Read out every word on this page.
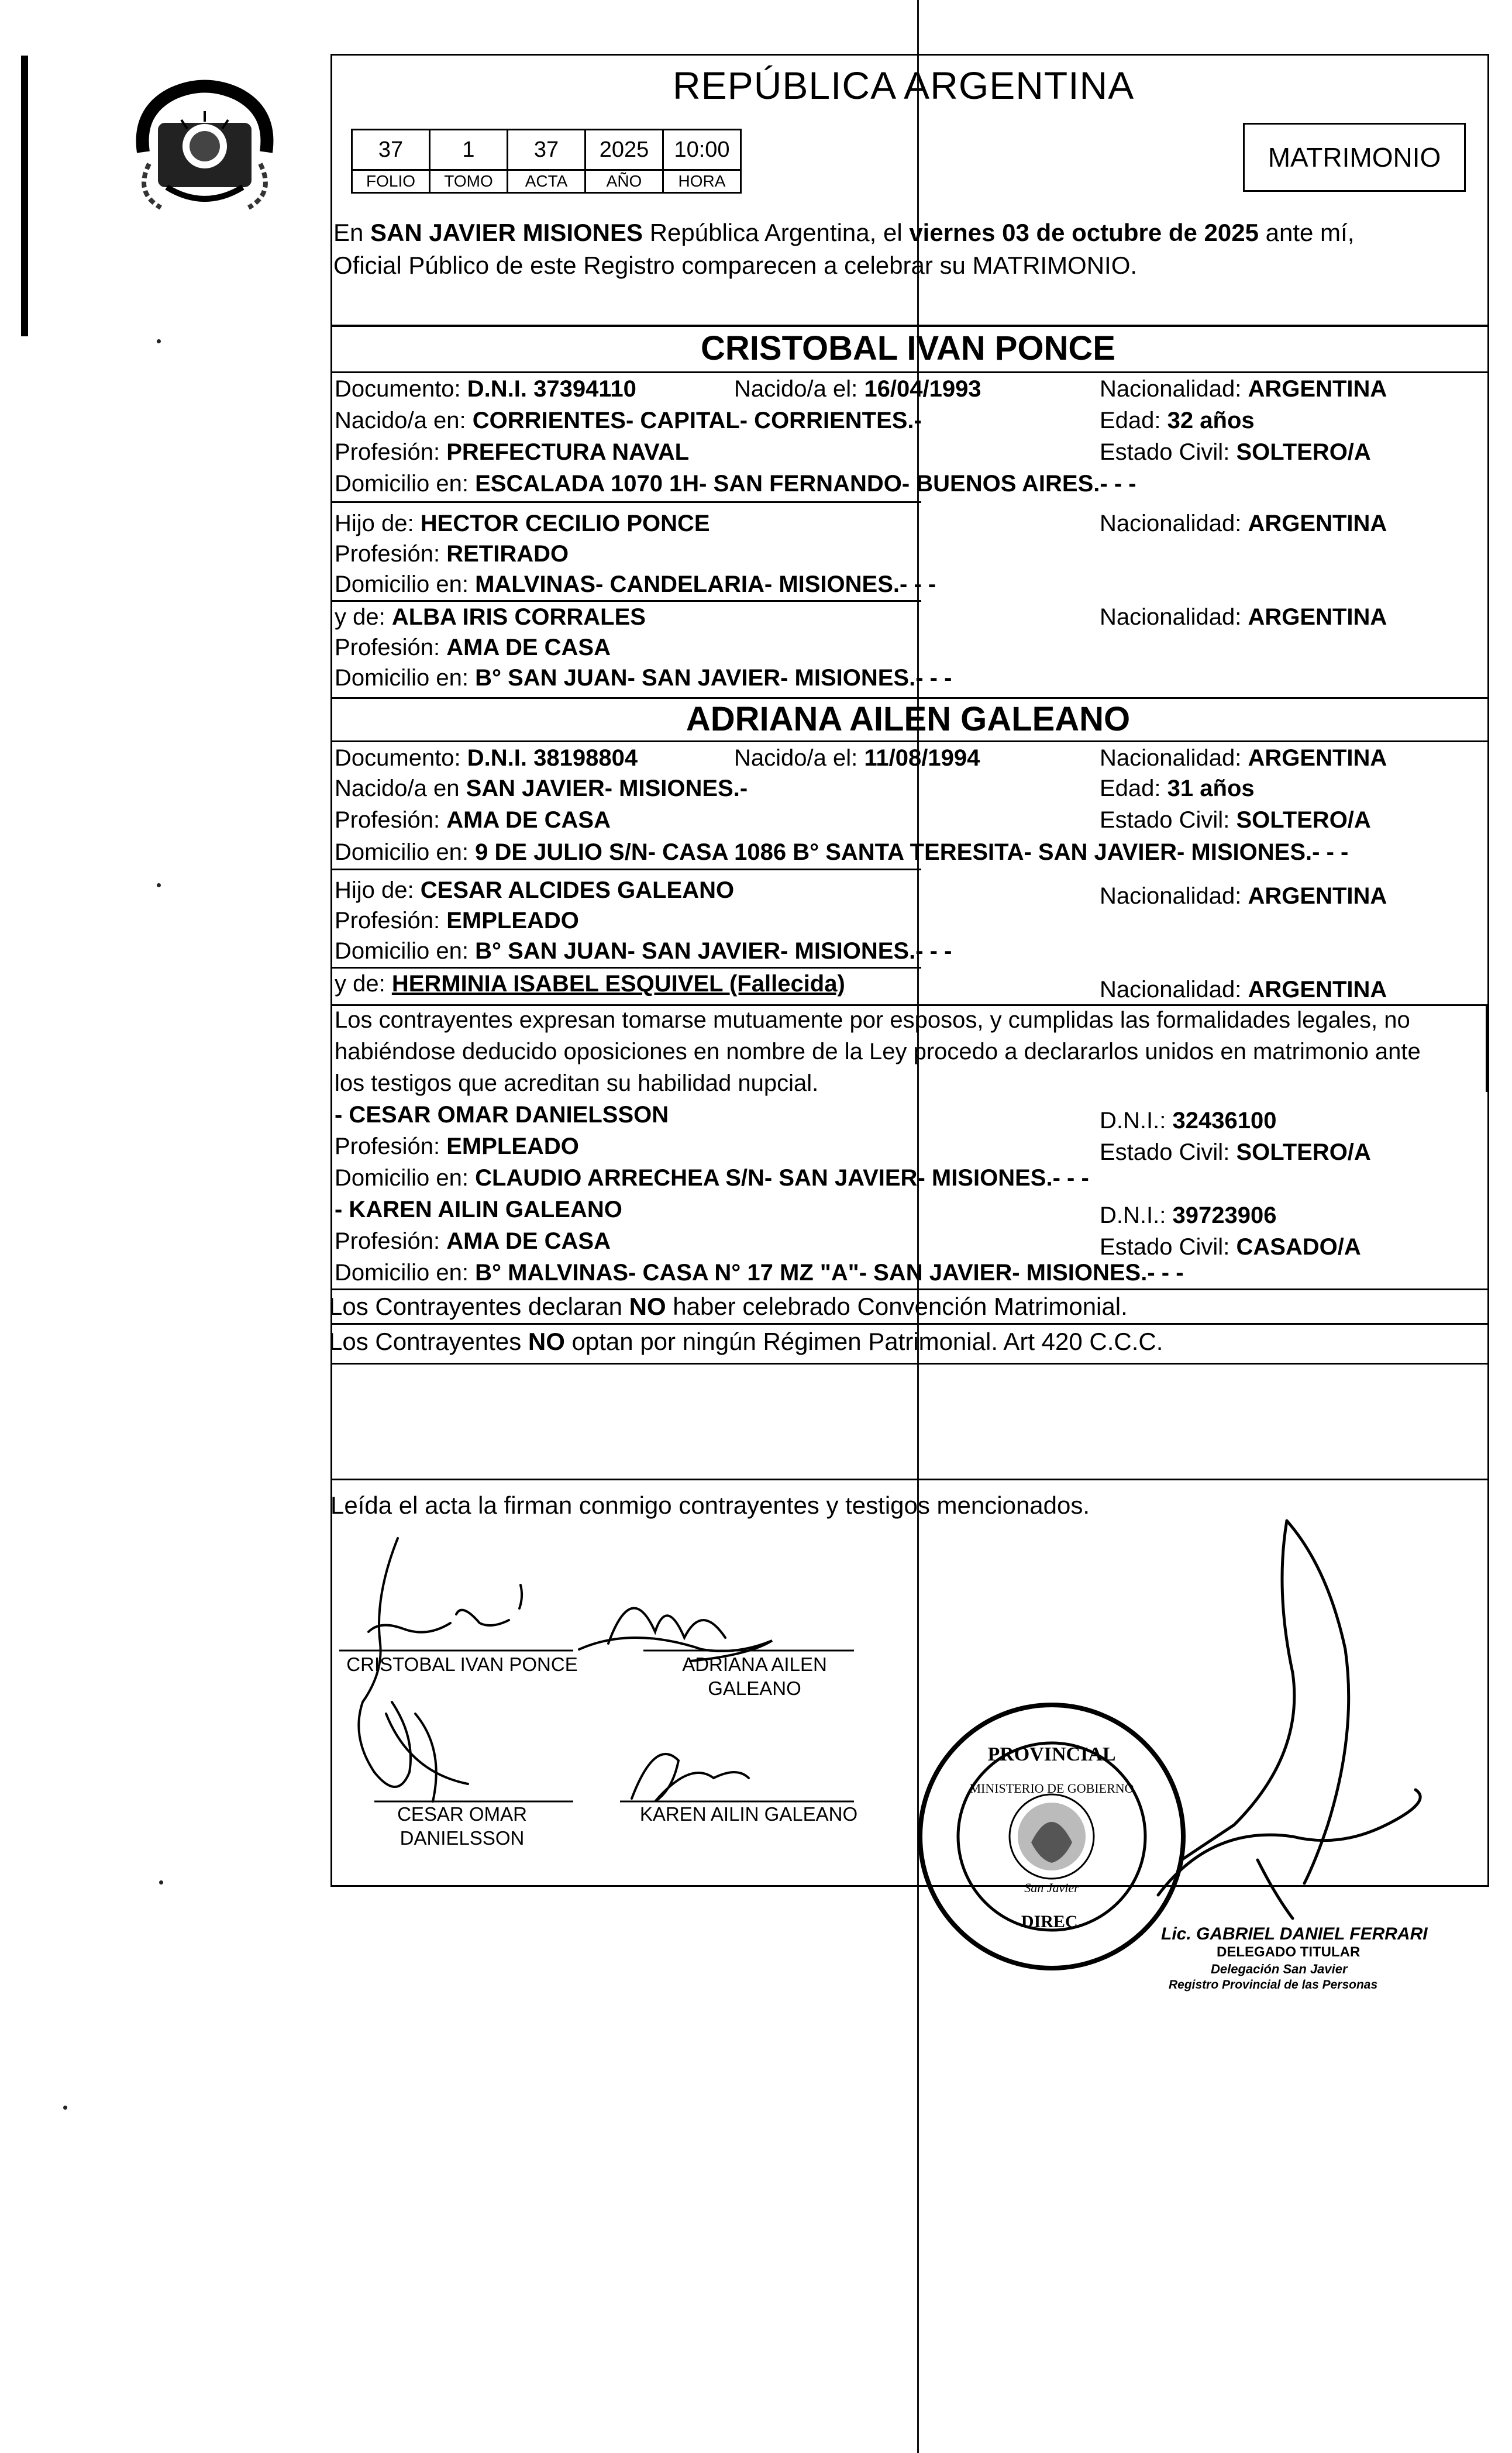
REPÚBLICA ARGENTINA
37	1	37	2025	10:00
FOLIO	TOMO	ACTA	AÑO	HORA
MATRIMONIO
En SAN JAVIER MISIONES República Argentina, el viernes 03 de octubre de 2025 ante mí,
Oficial Público de este Registro comparecen a celebrar su MATRIMONIO.
CRISTOBAL IVAN PONCE
Documento: D.N.I. 37394110	Nacido/a el: 16/04/1993	Nacionalidad: ARGENTINA
Nacido/a en: CORRIENTES- CAPITAL- CORRIENTES.-	Edad: 32 años
Profesión: PREFECTURA NAVAL	Estado Civil: SOLTERO/A
Domicilio en: ESCALADA 1070 1H- SAN FERNANDO- BUENOS AIRES.- - -
Hijo de: HECTOR CECILIO PONCE	Nacionalidad: ARGENTINA
Profesión: RETIRADO
Domicilio en: MALVINAS- CANDELARIA- MISIONES.- - -
y de: ALBA IRIS CORRALES	Nacionalidad: ARGENTINA
Profesión: AMA DE CASA
Domicilio en: B° SAN JUAN- SAN JAVIER- MISIONES.- - -
ADRIANA AILEN GALEANO
Documento: D.N.I. 38198804	Nacido/a el: 11/08/1994	Nacionalidad: ARGENTINA
Nacido/a en SAN JAVIER- MISIONES.-	Edad: 31 años
Profesión: AMA DE CASA	Estado Civil: SOLTERO/A
Domicilio en: 9 DE JULIO S/N- CASA 1086 B° SANTA TERESITA- SAN JAVIER- MISIONES.- - -
Hijo de: CESAR ALCIDES GALEANO	Nacionalidad: ARGENTINA
Profesión: EMPLEADO
Domicilio en: B° SAN JUAN- SAN JAVIER- MISIONES.- - -
y de: HERMINIA ISABEL ESQUIVEL (Fallecida)	Nacionalidad: ARGENTINA
Los contrayentes expresan tomarse mutuamente por esposos, y cumplidas las formalidades legales, no
habiéndose deducido oposiciones en nombre de la Ley procedo a declararlos unidos en matrimonio ante
los testigos que acreditan su habilidad nupcial.
- CESAR OMAR DANIELSSON	D.N.I.: 32436100
Profesión: EMPLEADO	Estado Civil: SOLTERO/A
Domicilio en: CLAUDIO ARRECHEA S/N- SAN JAVIER- MISIONES.- - -
- KAREN AILIN GALEANO	D.N.I.: 39723906
Profesión: AMA DE CASA	Estado Civil: CASADO/A
Domicilio en: B° MALVINAS- CASA N° 17 MZ "A"- SAN JAVIER- MISIONES.- - -
Los Contrayentes declaran NO haber celebrado Convención Matrimonial.
Los Contrayentes NO optan por ningún Régimen Patrimonial. Art 420 C.C.C.
Leída el acta la firman conmigo contrayentes y testigos mencionados.
CRISTOBAL IVAN PONCE	ADRIANA AILEN
GALEANO
CESAR OMAR
DANIELSSON
KAREN AILIN GALEANO
PROVINCIAL
DIREC.
MINISTERIO DE GOBIERNO
San Javier
Lic. GABRIEL DANIEL FERRARI
DELEGADO TITULAR
Delegación San Javier
Registro Provincial de las Personas
